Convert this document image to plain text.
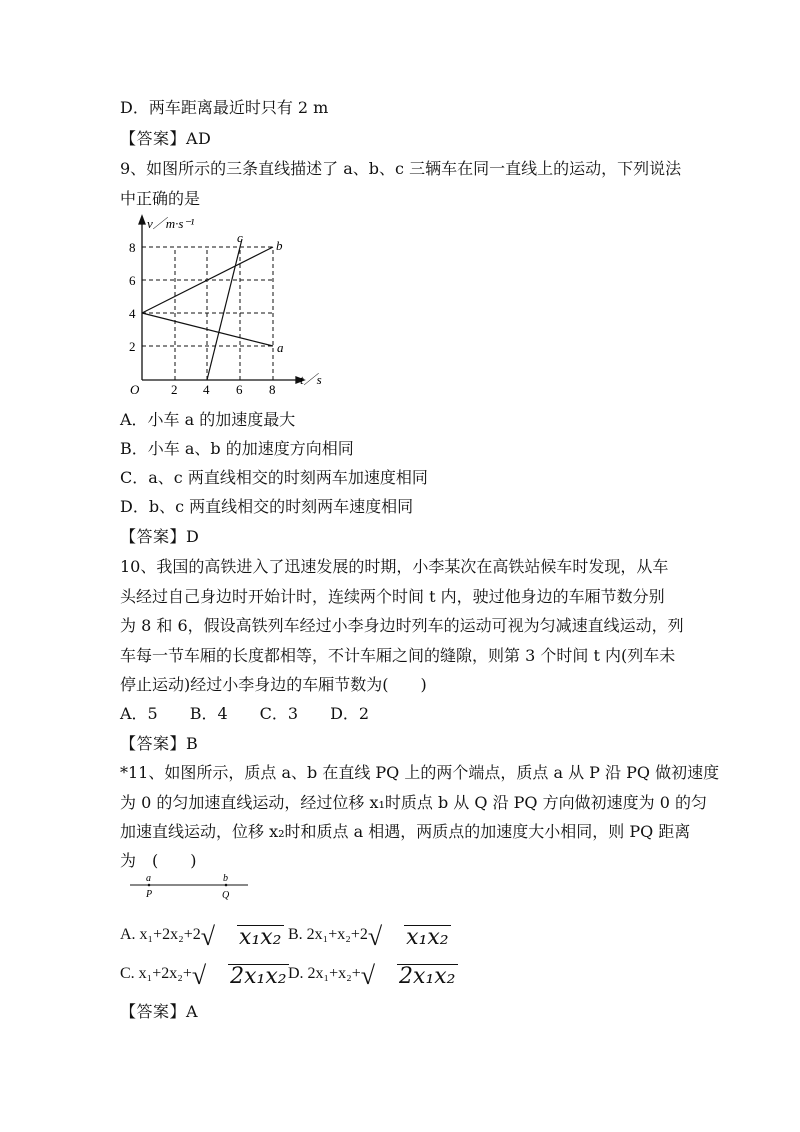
D．两车距离最近时只有 2 m
【答案】AD
9、如图所示的三条直线描述了 a、b、c 三辆车在同一直线上的运动，下列说法
中正确的是
v／m·s⁻¹
t／s
O 2 4 6 8
2
4
6
8
a
b
c
A．小车 a 的加速度最大
B．小车 a、b 的加速度方向相同
C．a、c 两直线相交的时刻两车加速度相同
D．b、c 两直线相交的时刻两车速度相同
【答案】D
10、我国的高铁进入了迅速发展的时期，小李某次在高铁站候车时发现，从车
头经过自己身边时开始计时，连续两个时间 t 内，驶过他身边的车厢节数分别
为 8 和 6，假设高铁列车经过小李身边时列车的运动可视为匀减速直线运动，列
车每一节车厢的长度都相等，不计车厢之间的缝隙，则第 3 个时间 t 内(列车未
停止运动)经过小李身边的车厢节数为(　　)
A．5　　B．4　　C．3　　D．2
【答案】B
*11、如图所示，质点 a、b 在直线 PQ 上的两个端点，质点 a 从 P 沿 PQ 做初速度
为 0 的匀加速直线运动，经过位移 x₁时质点 b 从 Q 沿 PQ 方向做初速度为 0 的匀
加速直线运动，位移 x₂时和质点 a 相遇，两质点的加速度大小相同，则 PQ 距离
为　(　　)
a	b
P	Q
A. x₁+2x₂+2 √ x₁x₂ B. 2x₁+x₂+2 √ x₁x₂
C. x₁+2x₂+ √ 2x₁x₂ D. 2x₁+x₂+ √ 2x₁x₂
【答案】A
